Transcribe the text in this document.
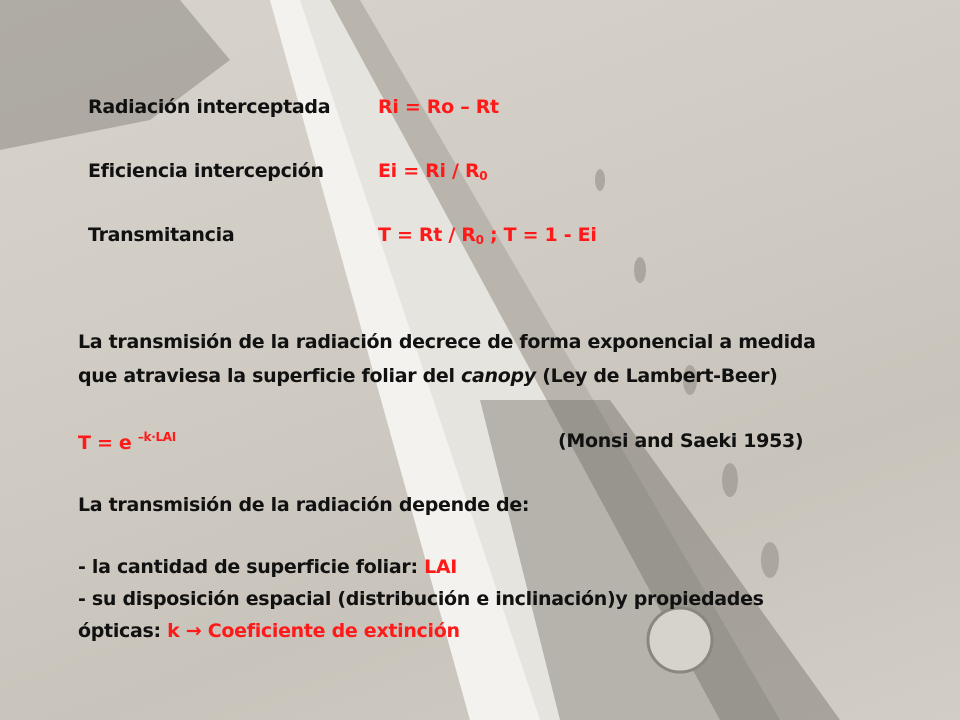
Radiación interceptada	Ri = Ro – Rt
Eficiencia intercepción	$Ei = Ri / R_0$
Transmitancia	$T = Rt / R_0$ ; T = 1 - Ei
La transmisión de la radiación decrece de forma exponencial a medida
que atraviesa la superficie foliar del canopy (Ley de Lambert-Beer)
T = e $^{-k\cdot LAI}$	(Monsi and Saeki 1953)
La transmisión de la radiación depende de:
- la cantidad de superficie foliar: LAI
- su disposición espacial (distribución e inclinación)y propiedades
ópticas: k → Coeficiente de extinción
